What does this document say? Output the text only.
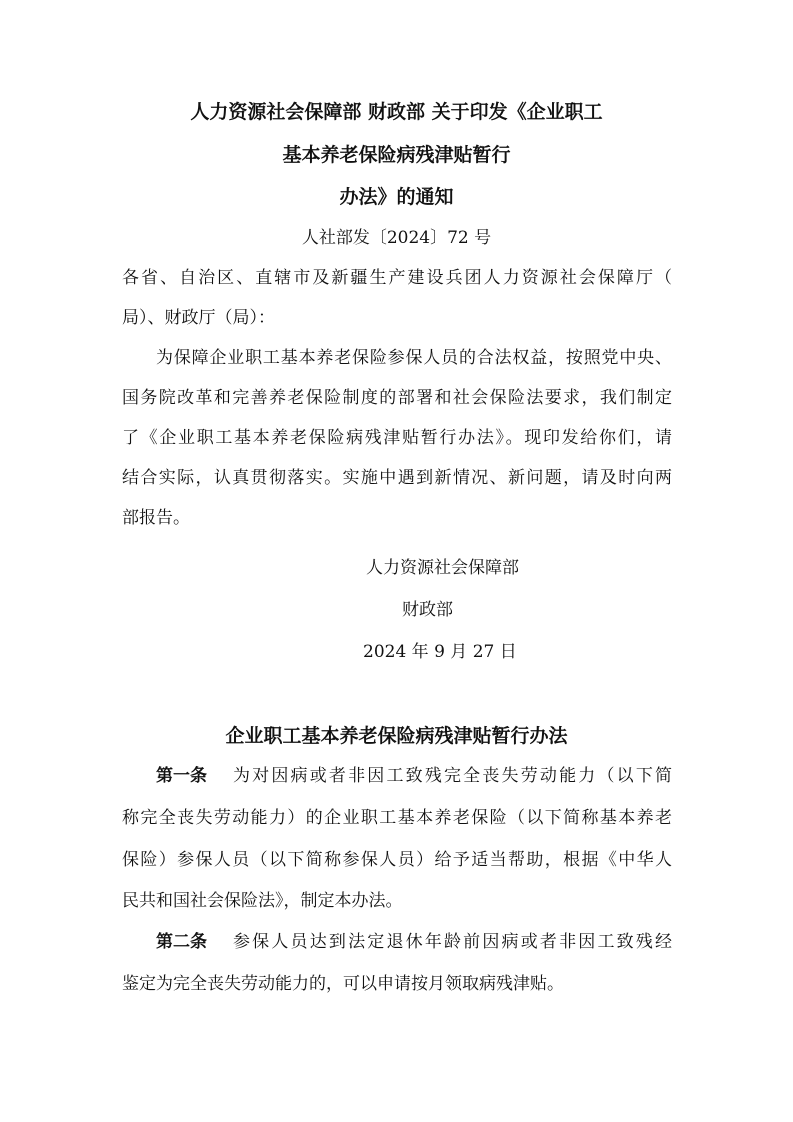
人力资源社会保障部 财政部 关于印发《企业职工
基本养老保险病残津贴暂行
办法》的通知
人社部发〔2024〕72 号
各省、自治区、直辖市及新疆生产建设兵团人力资源社会保障厅（
局）、财政厅（局）：
为保障企业职工基本养老保险参保人员的合法权益，按照党中央、
国务院改革和完善养老保险制度的部署和社会保险法要求，我们制定
了《企业职工基本养老保险病残津贴暂行办法》。现印发给你们，请
结合实际，认真贯彻落实。实施中遇到新情况、新问题，请及时向两
部报告。
人力资源社会保障部
财政部
2024 年 9 月 27 日
企业职工基本养老保险病残津贴暂行办法
第一条 为对因病或者非因工致残完全丧失劳动能力（以下简
称完全丧失劳动能力）的企业职工基本养老保险（以下简称基本养老
保险）参保人员（以下简称参保人员）给予适当帮助，根据《中华人
民共和国社会保险法》，制定本办法。
第二条 参保人员达到法定退休年龄前因病或者非因工致残经
鉴定为完全丧失劳动能力的，可以申请按月领取病残津贴。
